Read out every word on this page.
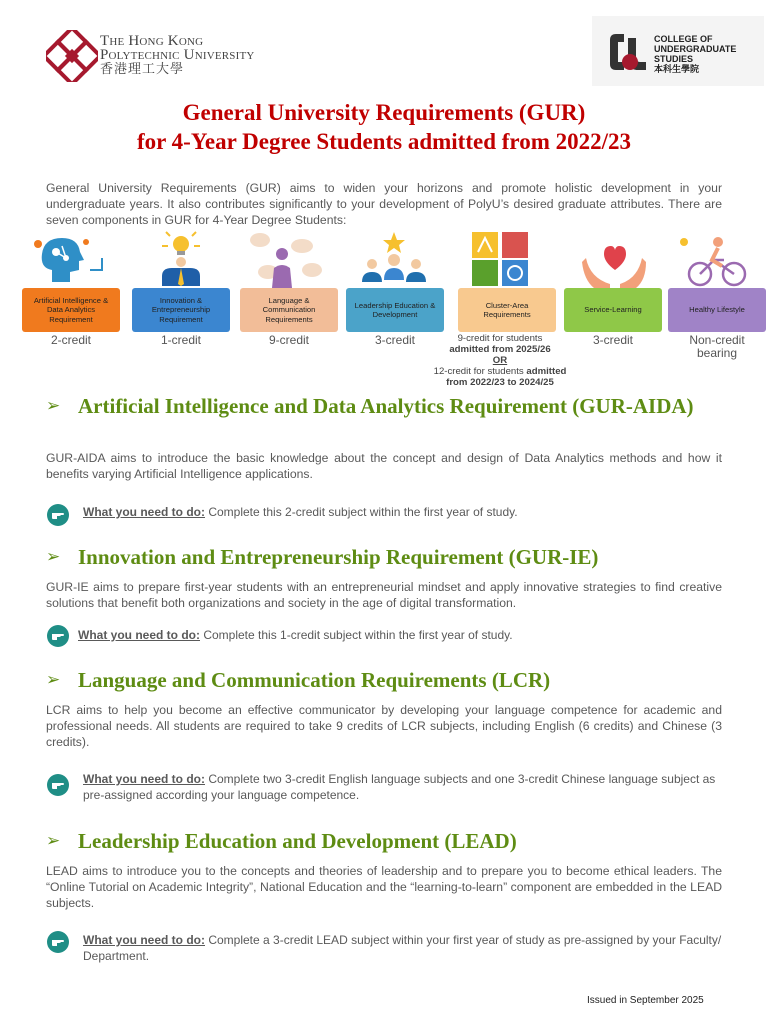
The Hong Kong
Polytechnic University
香港理工大學
COLLEGE OF
UNDERGRADUATE
STUDIES
本科生學院
General University Requirements (GUR)
for 4-Year Degree Students admitted from 2022/23
General University Requirements (GUR) aims to widen your horizons and promote holistic development in your undergraduate years. It also contributes significantly to your development of PolyU’s desired graduate attributes. There are seven components in GUR for 4-Year Degree Students:
Artificial Intelligence & Data Analytics Requirement
2-credit
Innovation & Entrepreneurship Requirement
1-credit
Language & Communication Requirements
9-credit
Leadership Education & Development
3-credit
Cluster-Area Requirements
Service-Learning
3-credit
Healthy Lifestyle
Non-credit
bearing
9-credit for students
admitted from 2025/26
OR
12-credit for students admitted
from 2022/23 to 2024/25
➢ Artificial Intelligence and Data Analytics Requirement (GUR-AIDA)
GUR-AIDA aims to introduce the basic knowledge about the concept and design of Data Analytics methods and how it benefits varying Artificial Intelligence applications.
What you need to do: Complete this 2-credit subject within the first year of study.
➢ Innovation and Entrepreneurship Requirement (GUR-IE)
GUR-IE aims to prepare first-year students with an entrepreneurial mindset and apply innovative strategies to find creative solutions that benefit both organizations and society in the age of digital transformation.
What you need to do: Complete this 1-credit subject within the first year of study.
➢ Language and Communication Requirements (LCR)
LCR aims to help you become an effective communicator by developing your language competence for academic and professional needs. All students are required to take 9 credits of LCR subjects, including English (6 credits) and Chinese (3 credits).
What you need to do: Complete two 3-credit English language subjects and one 3-credit Chinese language subject as pre-assigned according your language competence.
➢ Leadership Education and Development (LEAD)
LEAD aims to introduce you to the concepts and theories of leadership and to prepare you to become ethical leaders. The “Online Tutorial on Academic Integrity”, National Education and the “learning-to-learn” component are embedded in the LEAD subjects.
What you need to do: Complete a 3-credit LEAD subject within your first year of study as pre-assigned by your Faculty/ Department.
Issued in September 2025
